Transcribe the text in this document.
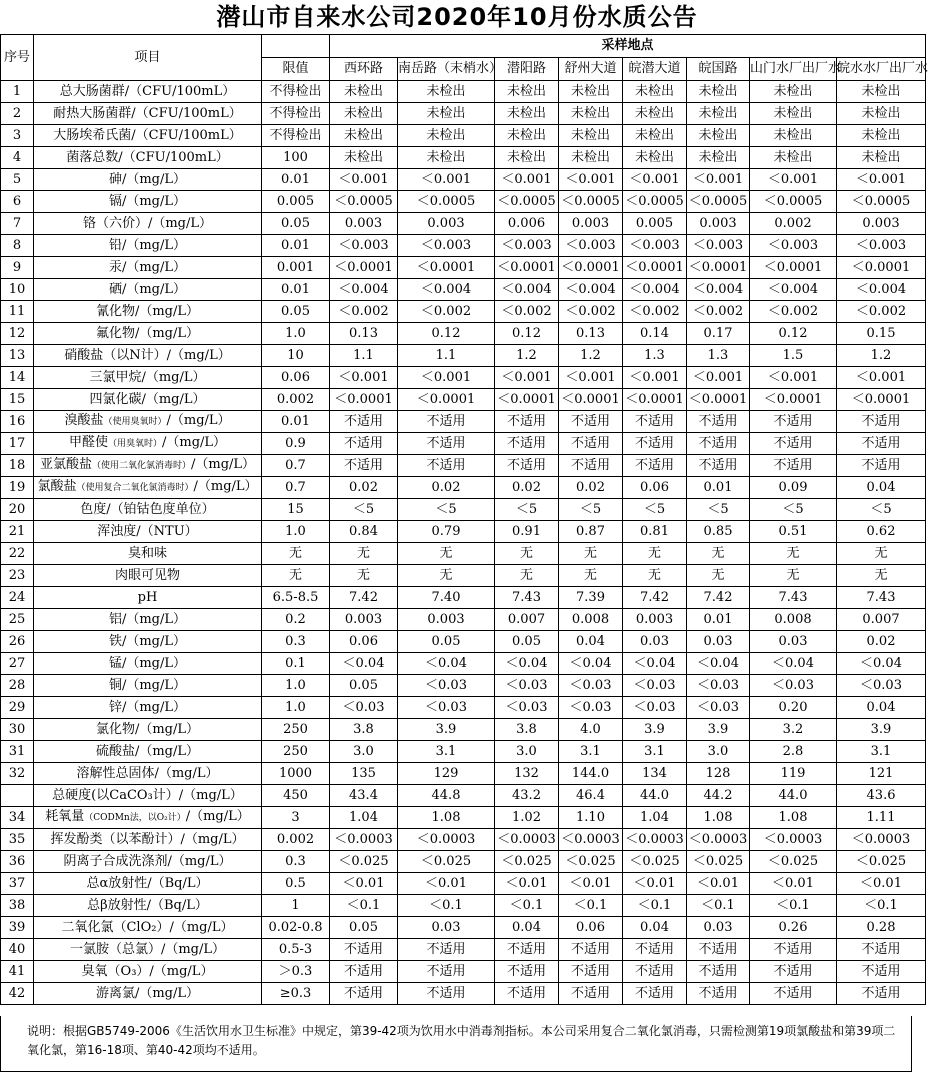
潜山市自来水公司2020年10月份水质公告
序号	项目		采样地点							
		限值	西环路	南岳路（末梢水）	潜阳路	舒州大道	皖潜大道	皖国路	山门水厂出厂水	皖水水厂出厂水
1	总大肠菌群/（CFU/100mL）	不得检出	未检出	未检出	未检出	未检出	未检出	未检出	未检出	未检出
2	耐热大肠菌群/（CFU/100mL）	不得检出	未检出	未检出	未检出	未检出	未检出	未检出	未检出	未检出
3	大肠埃希氏菌/（CFU/100mL）	不得检出	未检出	未检出	未检出	未检出	未检出	未检出	未检出	未检出
4	菌落总数/（CFU/100mL）	100	未检出	未检出	未检出	未检出	未检出	未检出	未检出	未检出
5	砷/（mg/L）	0.01	＜0.001	＜0.001	＜0.001	＜0.001	＜0.001	＜0.001	＜0.001	＜0.001
6	镉/（mg/L）	0.005	＜0.0005	＜0.0005	＜0.0005	＜0.0005	＜0.0005	＜0.0005	＜0.0005	＜0.0005
7	铬（六价）/（mg/L）	0.05	0.003	0.003	0.006	0.003	0.005	0.003	0.002	0.003
8	铅/（mg/L）	0.01	＜0.003	＜0.003	＜0.003	＜0.003	＜0.003	＜0.003	＜0.003	＜0.003
9	汞/（mg/L）	0.001	＜0.0001	＜0.0001	＜0.0001	＜0.0001	＜0.0001	＜0.0001	＜0.0001	＜0.0001
10	硒/（mg/L）	0.01	＜0.004	＜0.004	＜0.004	＜0.004	＜0.004	＜0.004	＜0.004	＜0.004
11	氰化物/（mg/L）	0.05	＜0.002	＜0.002	＜0.002	＜0.002	＜0.002	＜0.002	＜0.002	＜0.002
12	氟化物/（mg/L）	1.0	0.13	0.12	0.12	0.13	0.14	0.17	0.12	0.15
13	硝酸盐（以N计）/（mg/L）	10	1.1	1.1	1.2	1.2	1.3	1.3	1.5	1.2
14	三氯甲烷/（mg/L）	0.06	＜0.001	＜0.001	＜0.001	＜0.001	＜0.001	＜0.001	＜0.001	＜0.001
15	四氯化碳/（mg/L）	0.002	＜0.0001	＜0.0001	＜0.0001	＜0.0001	＜0.0001	＜0.0001	＜0.0001	＜0.0001
16	溴酸盐（使用臭氧时）/（mg/L）	0.01	不适用	不适用	不适用	不适用	不适用	不适用	不适用	不适用
17	甲醛使（用臭氧时）/（mg/L）	0.9	不适用	不适用	不适用	不适用	不适用	不适用	不适用	不适用
18	亚氯酸盐（使用二氧化氯消毒时）/（mg/L）	0.7	不适用	不适用	不适用	不适用	不适用	不适用	不适用	不适用
19	氯酸盐（使用复合二氧化氯消毒时）/（mg/L）	0.7	0.02	0.02	0.02	0.02	0.06	0.01	0.09	0.04
20	色度/（铂钴色度单位）	15	＜5	＜5	＜5	＜5	＜5	＜5	＜5	＜5
21	浑浊度/（NTU）	1.0	0.84	0.79	0.91	0.87	0.81	0.85	0.51	0.62
22	臭和味	无	无	无	无	无	无	无	无	无
23	肉眼可见物	无	无	无	无	无	无	无	无	无
24	pH	6.5-8.5	7.42	7.40	7.43	7.39	7.42	7.42	7.43	7.43
25	铝/（mg/L）	0.2	0.003	0.003	0.007	0.008	0.003	0.01	0.008	0.007
26	铁/（mg/L）	0.3	0.06	0.05	0.05	0.04	0.03	0.03	0.03	0.02
27	锰/（mg/L）	0.1	＜0.04	＜0.04	＜0.04	＜0.04	＜0.04	＜0.04	＜0.04	＜0.04
28	铜/（mg/L）	1.0	0.05	＜0.03	＜0.03	＜0.03	＜0.03	＜0.03	＜0.03	＜0.03
29	锌/（mg/L）	1.0	＜0.03	＜0.03	＜0.03	＜0.03	＜0.03	＜0.03	0.20	0.04
30	氯化物/（mg/L）	250	3.8	3.9	3.8	4.0	3.9	3.9	3.2	3.9
31	硫酸盐/（mg/L）	250	3.0	3.1	3.0	3.1	3.1	3.0	2.8	3.1
32	溶解性总固体/（mg/L）	1000	135	129	132	144.0	134	128	119	121
	总硬度(以CaCO₃计）/（mg/L）	450	43.4	44.8	43.2	46.4	44.0	44.2	44.0	43.6
34	耗氧量（CODMn法，以O₂计）/（mg/L）	3	1.04	1.08	1.02	1.10	1.04	1.08	1.08	1.11
35	挥发酚类（以苯酚计）/（mg/L）	0.002	＜0.0003	＜0.0003	＜0.0003	＜0.0003	＜0.0003	＜0.0003	＜0.0003	＜0.0003
36	阴离子合成洗涤剂/（mg/L）	0.3	＜0.025	＜0.025	＜0.025	＜0.025	＜0.025	＜0.025	＜0.025	＜0.025
37	总α放射性/（Bq/L）	0.5	＜0.01	＜0.01	＜0.01	＜0.01	＜0.01	＜0.01	＜0.01	＜0.01
38	总β放射性/（Bq/L）	1	＜0.1	＜0.1	＜0.1	＜0.1	＜0.1	＜0.1	＜0.1	＜0.1
39	二氧化氯（ClO₂）/（mg/L）	0.02-0.8	0.05	0.03	0.04	0.06	0.04	0.03	0.26	0.28
40	一氯胺（总氯）/（mg/L）	0.5-3	不适用	不适用	不适用	不适用	不适用	不适用	不适用	不适用
41	臭氧（O₃）/（mg/L）	＞0.3	不适用	不适用	不适用	不适用	不适用	不适用	不适用	不适用
42	游离氯/（mg/L）	≥0.3	不适用	不适用	不适用	不适用	不适用	不适用	不适用	不适用
说明：根据GB5749-2006《生活饮用水卫生标准》中规定，第39-42项为饮用水中消毒剂指标。本公司采用复合二氧化氯消毒，只需检测第19项氯酸盐和第39项二氧化氯，第16-18项、第40-42项均不适用。
